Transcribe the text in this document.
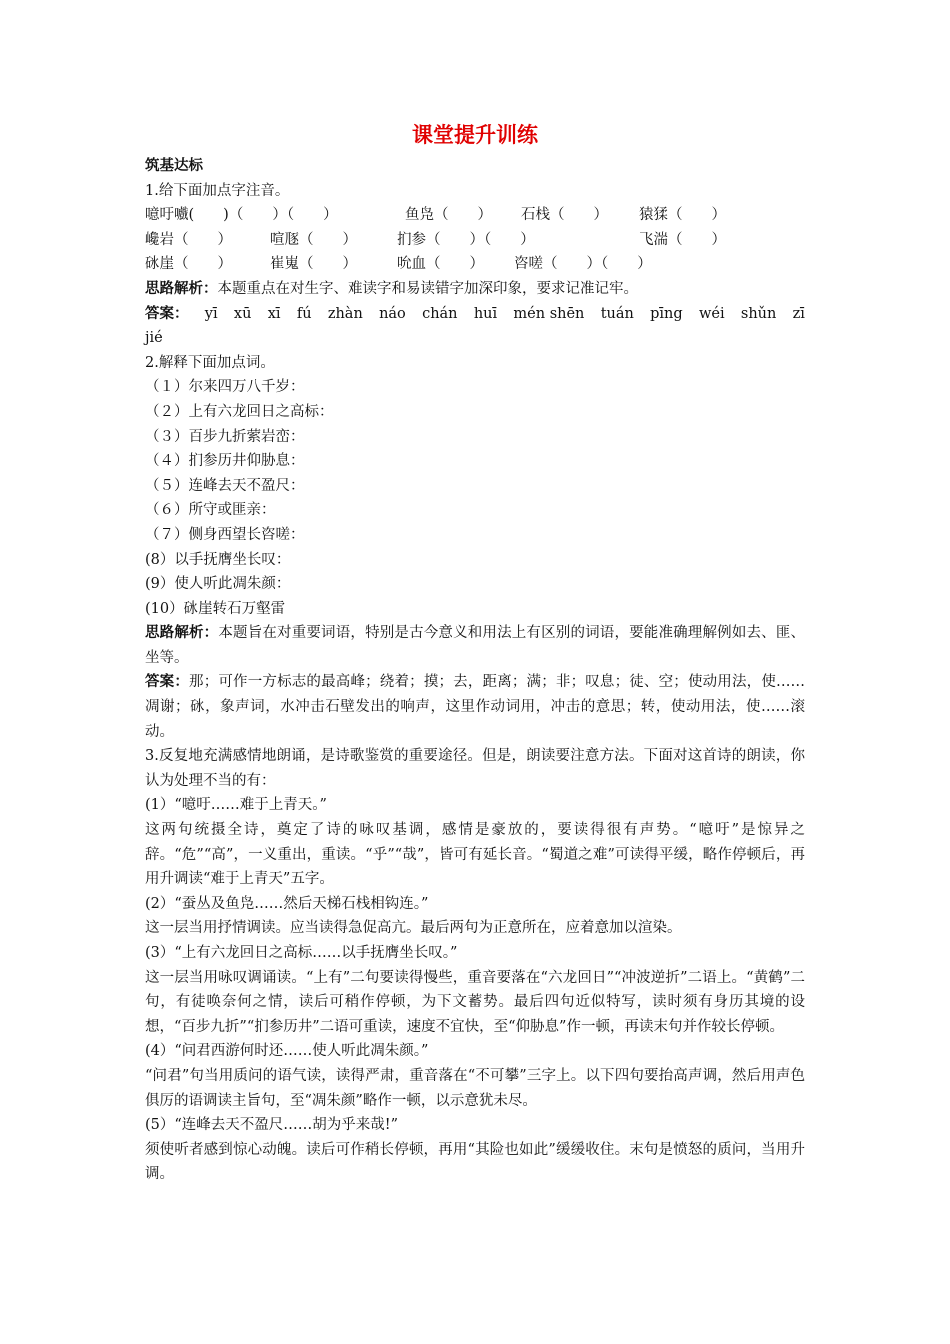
课堂提升训练
筑基达标
1.给下面加点字注音。
噫吁嚱(　　)（　　）（　　）	鱼凫（　　）	石栈（　　）	猿猱（　　）
巉岩（　　）	喧豗（　　）	扪参（　　）（　　）	飞湍（　　）
砯崖（　　）	崔嵬（　　）	吮血（　　）	咨嗟（　　）（　　）
思路解析：本题重点在对生字、难读字和易读错字加深印象，要求记准记牢。
答案： yī xū xī fú zhàn náo chán huī mén shēn tuán pīng wéi shǔn zī
jié
2.解释下面加点词。
（１）尔来四万八千岁：
（２）上有六龙回日之高标：
（３）百步九折萦岩峦：
（４）扪参历井仰胁息：
（５）连峰去天不盈尺：
（６）所守或匪亲：
（７）侧身西望长咨嗟：
(8）以手抚膺坐长叹：
(9）使人听此凋朱颜：
(10）砯崖转石万壑雷
思路解析：本题旨在对重要词语，特别是古今意义和用法上有区别的词语，要能准确理解例如去、匪、坐等。
答案：那；可作一方标志的最高峰；绕着；摸；去，距离；满；非；叹息；徒、空；使动用法，使……凋谢；砯，象声词，水冲击石壁发出的响声，这里作动词用，冲击的意思；转，使动用法，使……滚动。
3.反复地充满感情地朗诵，是诗歌鉴赏的重要途径。但是，朗读要注意方法。下面对这首诗的朗读，你认为处理不当的有：
(1）“噫吁……难于上青天。”
这两句统摄全诗，奠定了诗的咏叹基调，感情是豪放的，要读得很有声势。“噫吁”是惊异之辞。“危”“高”，一义重出，重读。“乎”“哉”，皆可有延长音。“蜀道之难”可读得平缓，略作停顿后，再用升调读“难于上青天”五字。
(2）“蚕丛及鱼凫……然后天梯石栈相钩连。”
这一层当用抒情调读。应当读得急促高亢。最后两句为正意所在，应着意加以渲染。
(3）“上有六龙回日之高标……以手抚膺坐长叹。”
这一层当用咏叹调诵读。“上有”二句要读得慢些，重音要落在“六龙回日”“冲波逆折”二语上。“黄鹤”二句，有徒唤奈何之情，读后可稍作停顿，为下文蓄势。最后四句近似特写，读时须有身历其境的设想，“百步九折”“扪参历井”二语可重读，速度不宜快，至“仰胁息”作一顿，再读末句并作较长停顿。
(4）“问君西游何时还……使人听此凋朱颜。”
“问君”句当用质问的语气读，读得严肃，重音落在“不可攀”三字上。以下四句要抬高声调，然后用声色俱厉的语调读主旨句，至“凋朱颜”略作一顿，以示意犹未尽。
(5）“连峰去天不盈尺……胡为乎来哉!”
须使听者感到惊心动魄。读后可作稍长停顿，再用“其险也如此”缓缓收住。末句是愤怒的质问，当用升调。
